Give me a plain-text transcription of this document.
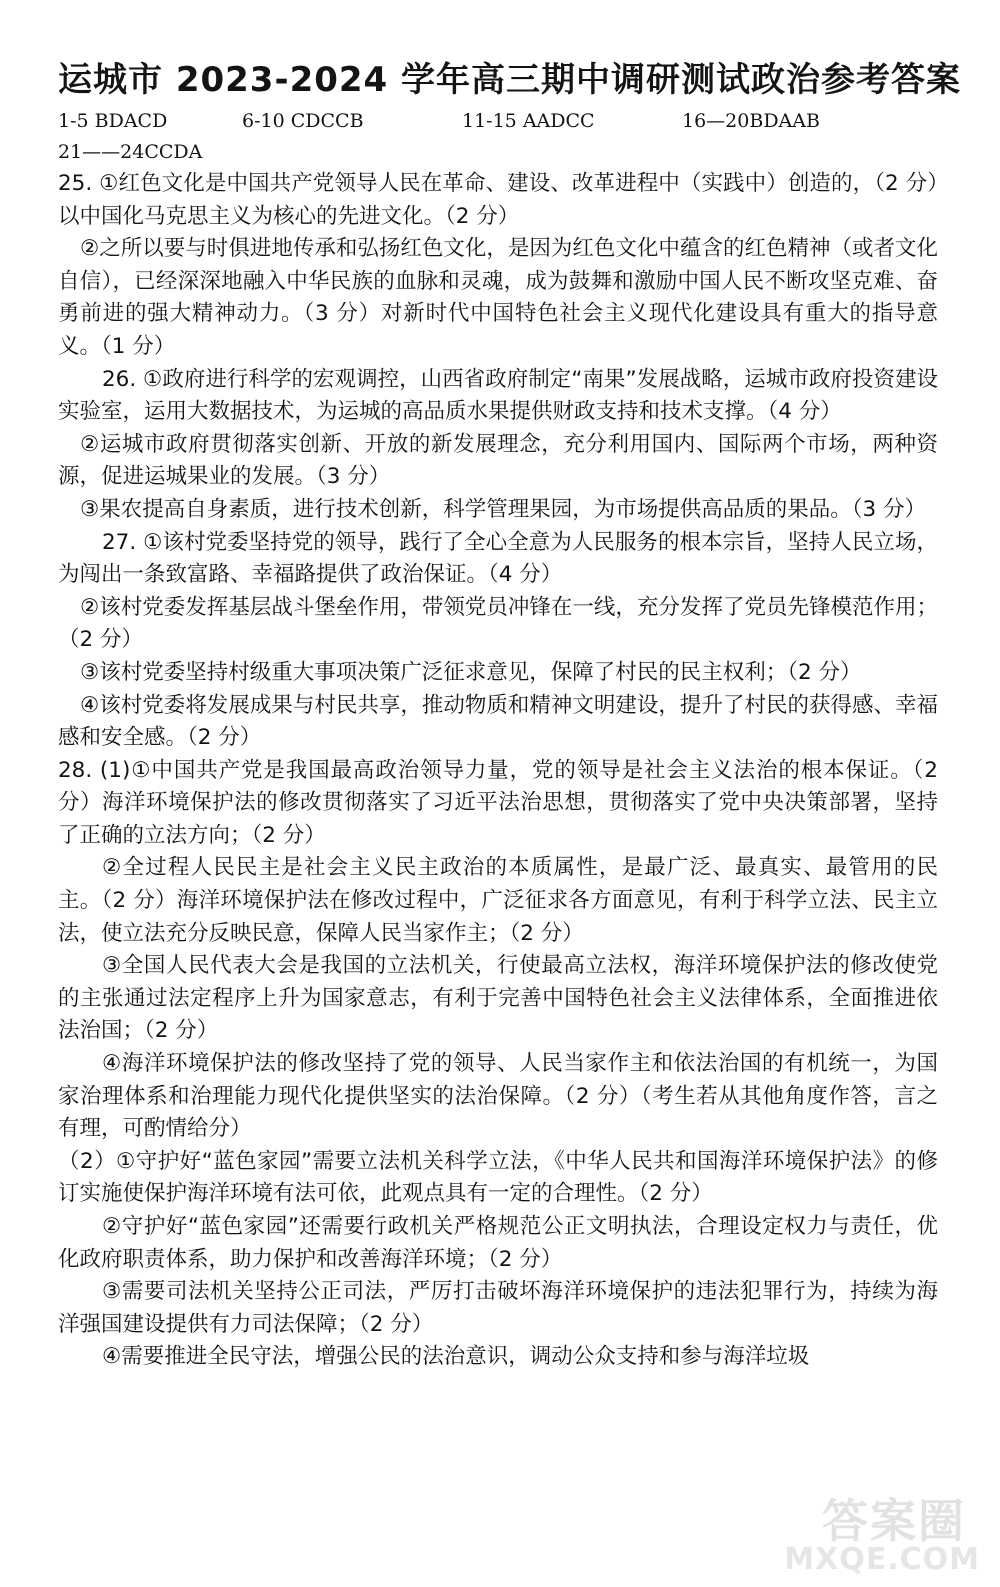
运城市 2023-2024 学年高三期中调研测试政治参考答案
1-5 BDACD	6-10 CDCCB	11-15 AADCC	16—20BDAAB
21——24CCDA

25. ①红色文化是中国共产党领导人民在革命、建设、改革进程中（实践中）创造的，（2 分）以中国化马克思主义为核心的先进文化。（2 分）

②之所以要与时俱进地传承和弘扬红色文化，是因为红色文化中蕴含的红色精神（或者文化自信），已经深深地融入中华民族的血脉和灵魂，成为鼓舞和激励中国人民不断攻坚克难、奋勇前进的强大精神动力。（3 分）对新时代中国特色社会主义现代化建设具有重大的指导意义。（1 分）

26. ①政府进行科学的宏观调控，山西省政府制定“南果”发展战略，运城市政府投资建设实验室，运用大数据技术，为运城的高品质水果提供财政支持和技术支撑。（4 分）

②运城市政府贯彻落实创新、开放的新发展理念，充分利用国内、国际两个市场，两种资源，促进运城果业的发展。（3 分）

③果农提高自身素质，进行技术创新，科学管理果园，为市场提供高品质的果品。（3 分）

27. ①该村党委坚持党的领导，践行了全心全意为人民服务的根本宗旨，坚持人民立场，为闯出一条致富路、幸福路提供了政治保证。（4 分）

②该村党委发挥基层战斗堡垒作用，带领党员冲锋在一线，充分发挥了党员先锋模范作用；（2 分）

③该村党委坚持村级重大事项决策广泛征求意见，保障了村民的民主权利；（2 分）

④该村党委将发展成果与村民共享，推动物质和精神文明建设，提升了村民的获得感、幸福感和安全感。（2 分）

28. (1)①中国共产党是我国最高政治领导力量，党的领导是社会主义法治的根本保证。（2 分）海洋环境保护法的修改贯彻落实了习近平法治思想，贯彻落实了党中央决策部署，坚持了正确的立法方向；（2 分）

②全过程人民民主是社会主义民主政治的本质属性，是最广泛、最真实、最管用的民主。（2 分）海洋环境保护法在修改过程中，广泛征求各方面意见，有利于科学立法、民主立法，使立法充分反映民意，保障人民当家作主；（2 分）

③全国人民代表大会是我国的立法机关，行使最高立法权，海洋环境保护法的修改使党的主张通过法定程序上升为国家意志，有利于完善中国特色社会主义法律体系，全面推进依法治国；（2 分）

④海洋环境保护法的修改坚持了党的领导、人民当家作主和依法治国的有机统一，为国家治理体系和治理能力现代化提供坚实的法治保障。（2 分）（考生若从其他角度作答，言之有理，可酌情给分）

（2）①守护好“蓝色家园”需要立法机关科学立法，《中华人民共和国海洋环境保护法》的修订实施使保护海洋环境有法可依，此观点具有一定的合理性。（2 分）

②守护好“蓝色家园”还需要行政机关严格规范公正文明执法，合理设定权力与责任，优化政府职责体系，助力保护和改善海洋环境；（2 分）

③需要司法机关坚持公正司法，严厉打击破坏海洋环境保护的违法犯罪行为，持续为海洋强国建设提供有力司法保障；（2 分）

④需要推进全民守法，增强公民的法治意识，调动公众支持和参与海洋垃圾

答案圈
MXQE.COM
